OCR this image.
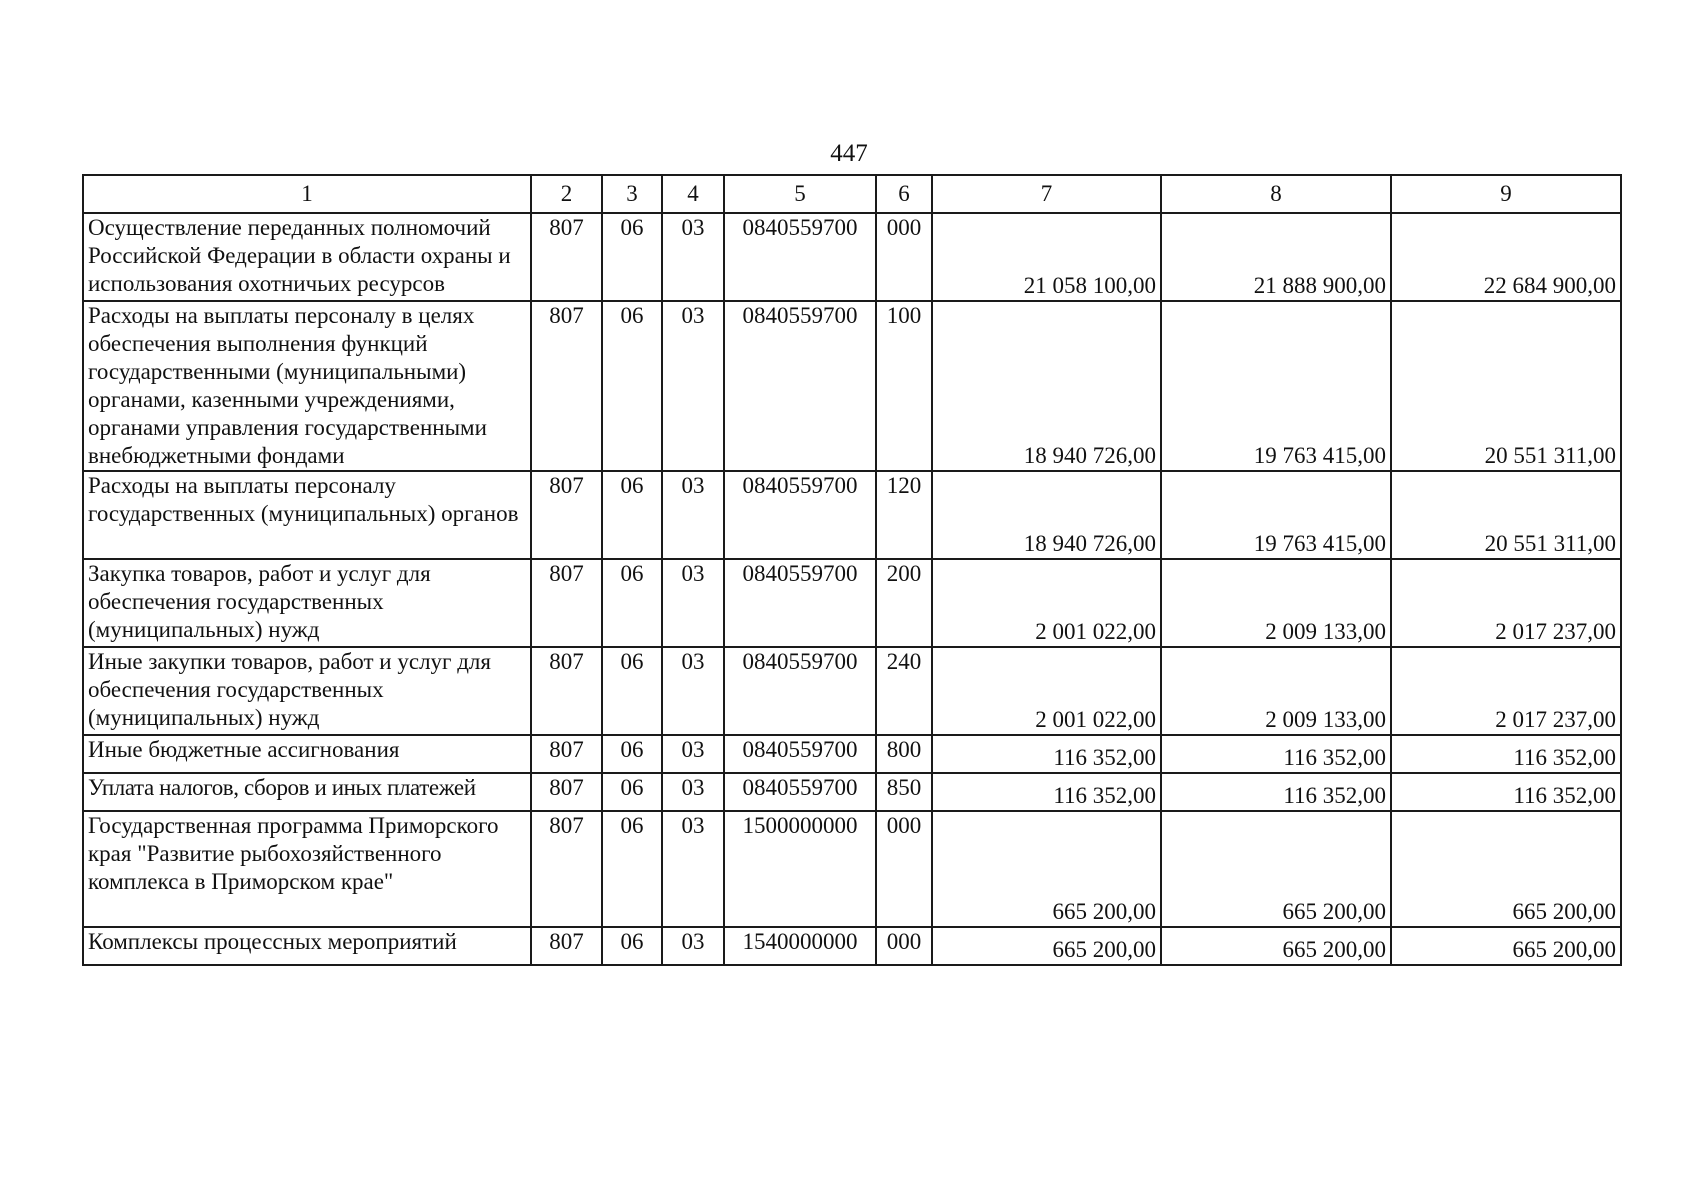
447
1	2	3	4	5	6	7	8	9
Осуществление переданных полномочий Российской Федерации в области охраны и использования охотничьих ресурсов	807	06	03	0840559700	000	21 058 100,00	21 888 900,00	22 684 900,00
Расходы на выплаты персоналу в целях обеспечения выполнения функций государственными (муниципальными) органами, казенными учреждениями, органами управления государственными внебюджетными фондами	807	06	03	0840559700	100	18 940 726,00	19 763 415,00	20 551 311,00
Расходы на выплаты персоналу государственных (муниципальных) органов	807	06	03	0840559700	120	18 940 726,00	19 763 415,00	20 551 311,00
Закупка товаров, работ и услуг для обеспечения государственных (муниципальных) нужд	807	06	03	0840559700	200	2 001 022,00	2 009 133,00	2 017 237,00
Иные закупки товаров, работ и услуг для обеспечения государственных (муниципальных) нужд	807	06	03	0840559700	240	2 001 022,00	2 009 133,00	2 017 237,00
Иные бюджетные ассигнования	807	06	03	0840559700	800	116 352,00	116 352,00	116 352,00
Уплата налогов, сборов и иных платежей	807	06	03	0840559700	850	116 352,00	116 352,00	116 352,00
Государственная программа Приморского края "Развитие рыбохозяйственного комплекса в Приморском крае"	807	06	03	1500000000	000	665 200,00	665 200,00	665 200,00
Комплексы процессных мероприятий	807	06	03	1540000000	000	665 200,00	665 200,00	665 200,00
